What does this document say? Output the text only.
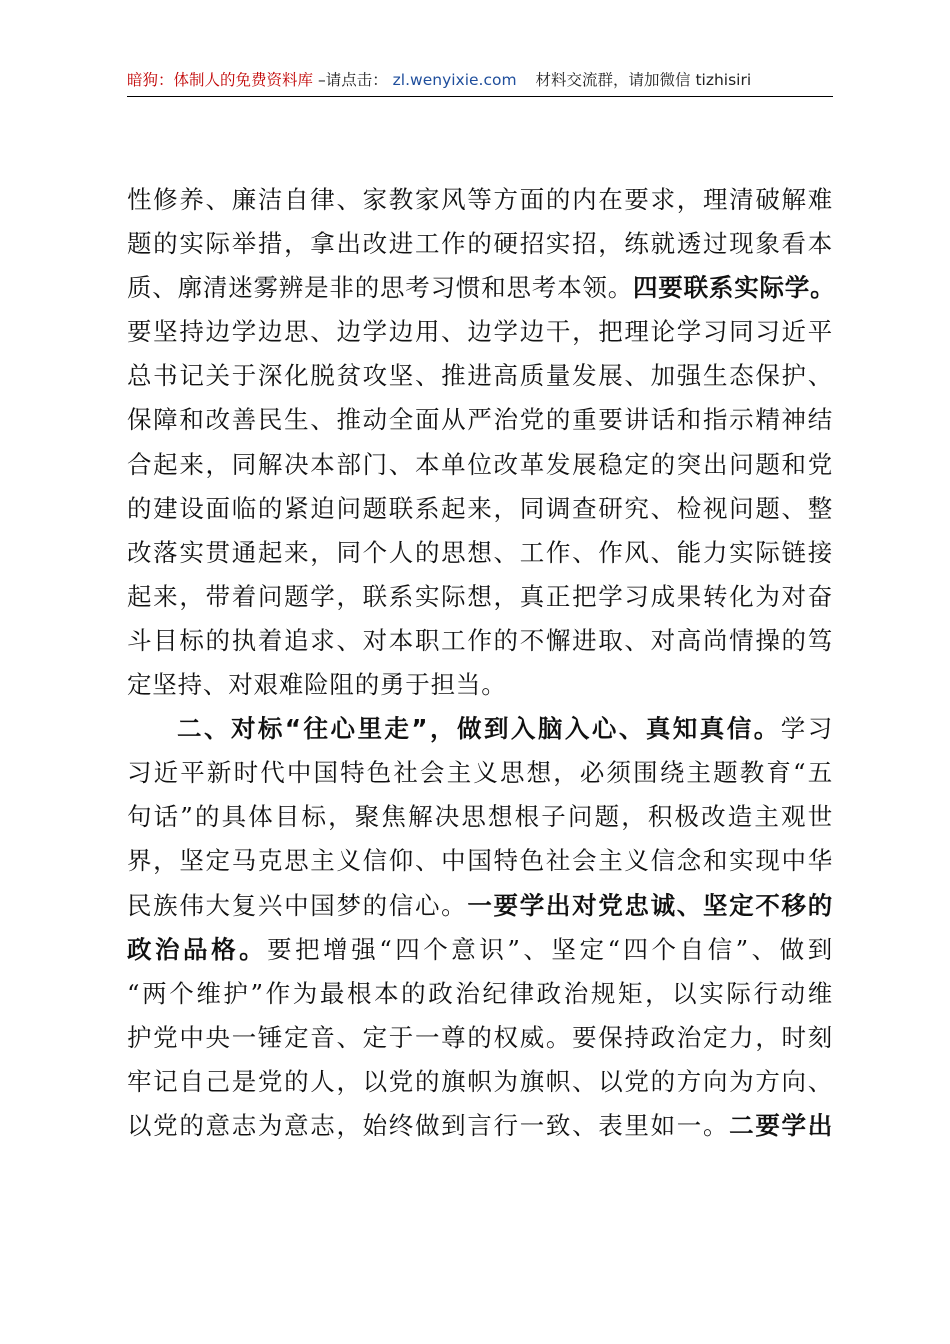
暗狗：体制人的免费资料库 –请点击： zl.wenyixie.com 材料交流群，请加微信 tizhisiri
性修养、廉洁自律、家教家风等方面的内在要求，理清破解难
题的实际举措，拿出改进工作的硬招实招，练就透过现象看本
质、廓清迷雾辨是非的思考习惯和思考本领。四要联系实际学。
要坚持边学边思、边学边用、边学边干，把理论学习同习近平
总书记关于深化脱贫攻坚、推进高质量发展、加强生态保护、
保障和改善民生、推动全面从严治党的重要讲话和指示精神结
合起来，同解决本部门、本单位改革发展稳定的突出问题和党
的建设面临的紧迫问题联系起来，同调查研究、检视问题、整
改落实贯通起来，同个人的思想、工作、作风、能力实际链接
起来，带着问题学，联系实际想，真正把学习成果转化为对奋
斗目标的执着追求、对本职工作的不懈进取、对高尚情操的笃
定坚持、对艰难险阻的勇于担当。
二、对标“往心里走”，做到入脑入心、真知真信。学习
习近平新时代中国特色社会主义思想，必须围绕主题教育“五
句话”的具体目标，聚焦解决思想根子问题，积极改造主观世
界，坚定马克思主义信仰、中国特色社会主义信念和实现中华
民族伟大复兴中国梦的信心。一要学出对党忠诚、坚定不移的
政治品格。要把增强“四个意识”、坚定“四个自信”、做到
“两个维护”作为最根本的政治纪律政治规矩，以实际行动维
护党中央一锤定音、定于一尊的权威。要保持政治定力，时刻
牢记自己是党的人，以党的旗帜为旗帜、以党的方向为方向、
以党的意志为意志，始终做到言行一致、表里如一。二要学出
